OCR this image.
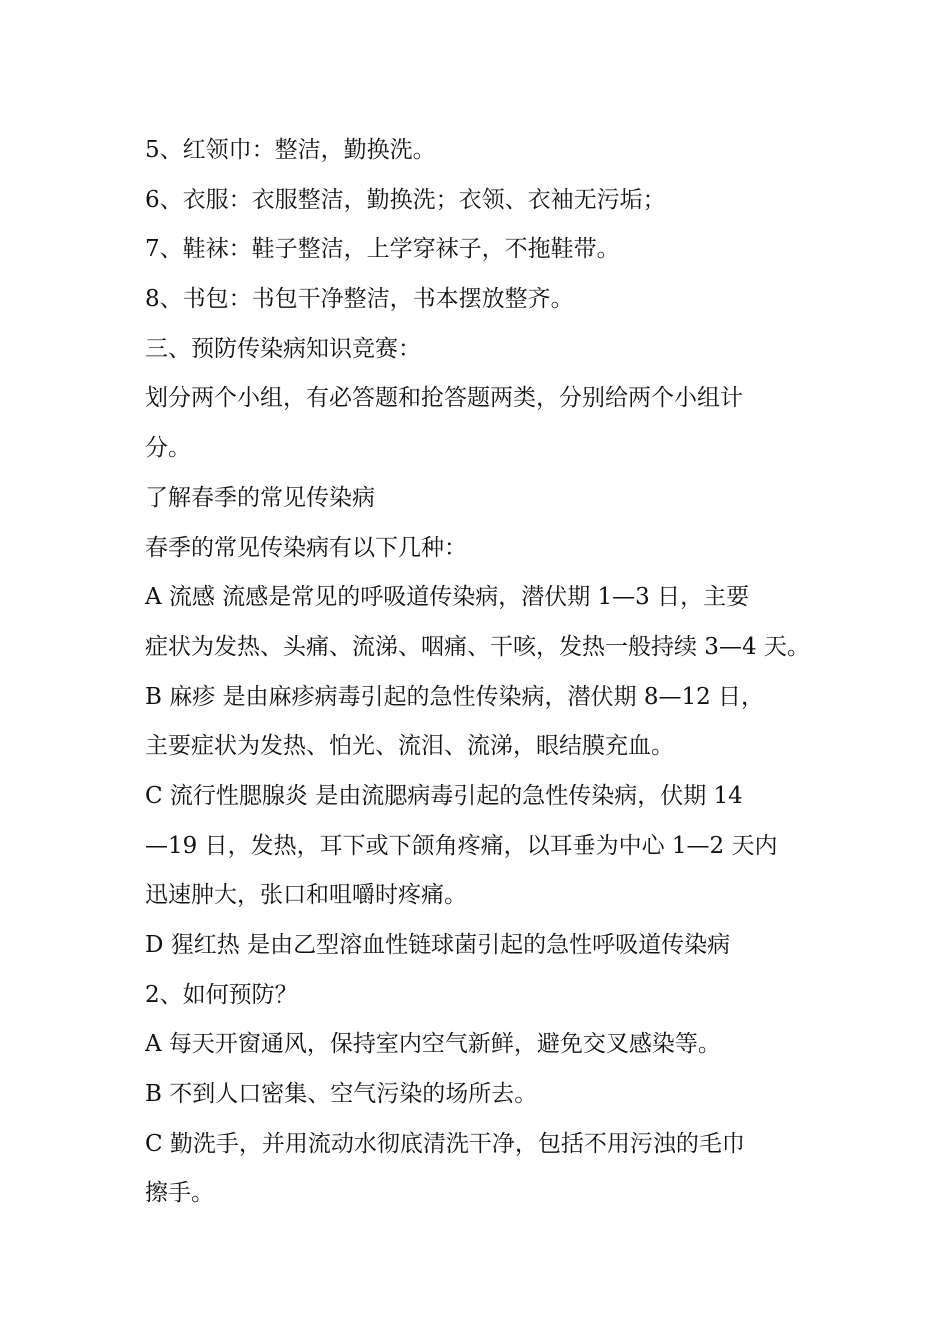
5、红领巾：整洁，勤换洗。
6、衣服：衣服整洁，勤换洗；衣领、衣袖无污垢；
7、鞋袜：鞋子整洁，上学穿袜子，不拖鞋带。
8、书包：书包干净整洁，书本摆放整齐。
三、预防传染病知识竞赛：
划分两个小组，有必答题和抢答题两类，分别给两个小组计
分。
了解春季的常见传染病
春季的常见传染病有以下几种：
A 流感 流感是常见的呼吸道传染病，潜伏期 1—3 日，主要
症状为发热、头痛、流涕、咽痛、干咳，发热一般持续 3—4 天。
B 麻疹 是由麻疹病毒引起的急性传染病，潜伏期 8—12 日，
主要症状为发热、怕光、流泪、流涕，眼结膜充血。
C 流行性腮腺炎 是由流腮病毒引起的急性传染病，伏期 14
—19 日，发热，耳下或下颌角疼痛，以耳垂为中心 1—2 天内
迅速肿大，张口和咀嚼时疼痛。
D 猩红热 是由乙型溶血性链球菌引起的急性呼吸道传染病
2、如何预防？
A 每天开窗通风，保持室内空气新鲜，避免交叉感染等。
B 不到人口密集、空气污染的场所去。
C 勤洗手，并用流动水彻底清洗干净，包括不用污浊的毛巾
擦手。
